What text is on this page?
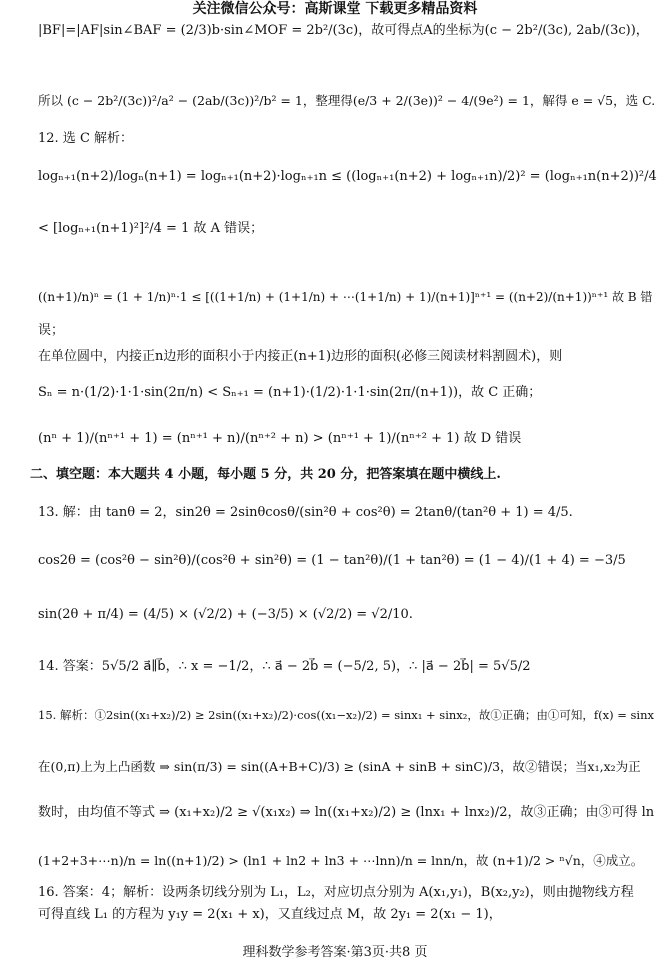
关注微信公众号：高斯课堂 下载更多精品资料
|BF|=|AF|sin∠BAF = (2/3)b·sin∠MOF = 2b²/(3c)，故可得点A的坐标为(c − 2b²/(3c), 2ab/(3c))，
所以 (c − 2b²/(3c))²/a² − (2ab/(3c))²/b² = 1，整理得(e/3 + 2/(3e))² − 4/(9e²) = 1，解得 e = √5，选 C.
12. 选 C 解析：
logₙ₊₁(n+2)/logₙ(n+1) = logₙ₊₁(n+2)·logₙ₊₁n ≤ ((logₙ₊₁(n+2) + logₙ₊₁n)/2)² = (logₙ₊₁n(n+2))²/4
< [logₙ₊₁(n+1)²]²/4 = 1 故 A 错误；
((n+1)/n)ⁿ = (1 + 1/n)ⁿ·1 ≤ [((1+1/n) + (1+1/n) + ⋯(1+1/n) + 1)/(n+1)]ⁿ⁺¹ = ((n+2)/(n+1))ⁿ⁺¹ 故 B 错
误；
在单位圆中，内接正n边形的面积小于内接正(n+1)边形的面积(必修三阅读材料割圆术)，则
Sₙ = n·(1/2)·1·1·sin(2π/n) < Sₙ₊₁ = (n+1)·(1/2)·1·1·sin(2π/(n+1))，故 C 正确；
(nⁿ + 1)/(nⁿ⁺¹ + 1) = (nⁿ⁺¹ + n)/(nⁿ⁺² + n) > (nⁿ⁺¹ + 1)/(nⁿ⁺² + 1) 故 D 错误
二、填空题：本大题共 4 小题，每小题 5 分，共 20 分，把答案填在题中横线上.
13. 解：由 tanθ = 2，sin2θ = 2sinθcosθ/(sin²θ + cos²θ) = 2tanθ/(tan²θ + 1) = 4/5.
cos2θ = (cos²θ − sin²θ)/(cos²θ + sin²θ) = (1 − tan²θ)/(1 + tan²θ) = (1 − 4)/(1 + 4) = −3/5
sin(2θ + π/4) = (4/5) × (√2/2) + (−3/5) × (√2/2) = √2/10.
14. 答案：5√5/2 a⃗∥b⃗，∴ x = −1/2，∴ a⃗ − 2b⃗ = (−5/2, 5)，∴ |a⃗ − 2b⃗| = 5√5/2
15. 解析：①2sin((x₁+x₂)/2) ≥ 2sin((x₁+x₂)/2)·cos((x₁−x₂)/2) = sinx₁ + sinx₂，故①正确；由①可知，f(x) = sinx
在(0,π)上为上凸函数 ⇒ sin(π/3) = sin((A+B+C)/3) ≥ (sinA + sinB + sinC)/3，故②错误；当x₁,x₂为正
数时，由均值不等式 ⇒ (x₁+x₂)/2 ≥ √(x₁x₂) ⇒ ln((x₁+x₂)/2) ≥ (lnx₁ + lnx₂)/2，故③正确；由③可得 ln
(1+2+3+⋯n)/n = ln((n+1)/2) > (ln1 + ln2 + ln3 + ⋯lnn)/n = lnn/n，故 (n+1)/2 > ⁿ√n，④成立。
16. 答案：4；解析：设两条切线分别为 L₁，L₂，对应切点分别为 A(x₁,y₁)，B(x₂,y₂)，则由抛物线方程
可得直线 L₁ 的方程为 y₁y = 2(x₁ + x)，又直线过点 M，故 2y₁ = 2(x₁ − 1)，
理科数学参考答案·第3页·共8 页
